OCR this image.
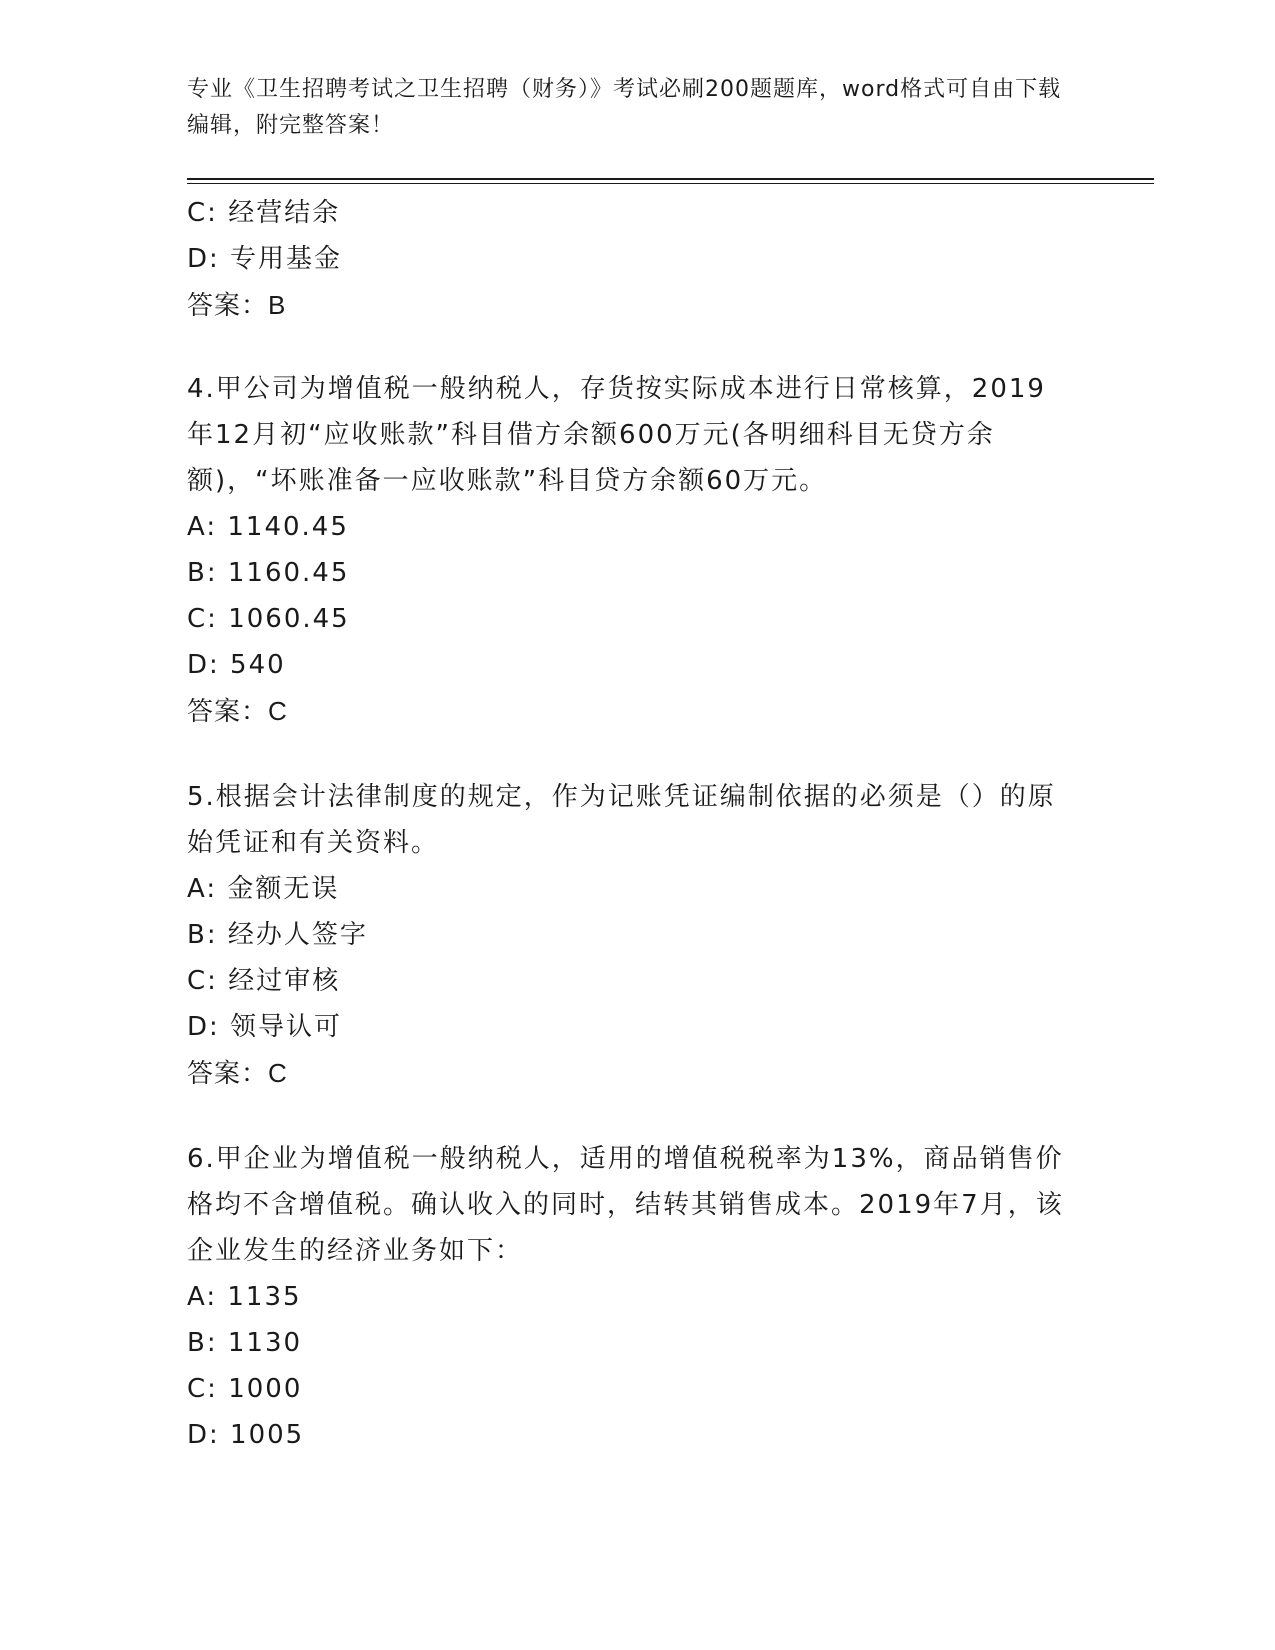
专业《卫生招聘考试之卫生招聘（财务）》考试必刷200题题库，word格式可自由下载编辑，附完整答案！
C: 经营结余
D: 专用基金
答案：B
4.甲公司为增值税一般纳税人，存货按实际成本进行日常核算，2019年12月初“应收账款”科目借方余额600万元(各明细科目无贷方余额)，“坏账准备一应收账款”科目贷方余额60万元。
A: 1140.45
B: 1160.45
C: 1060.45
D: 540
答案：C
5.根据会计法律制度的规定，作为记账凭证编制依据的必须是（）的原始凭证和有关资料。
A: 金额无误
B: 经办人签字
C: 经过审核
D: 领导认可
答案：C
6.甲企业为增值税一般纳税人，适用的增值税税率为13%，商品销售价格均不含增值税。确认收入的同时，结转其销售成本。2019年7月，该企业发生的经济业务如下：
A: 1135
B: 1130
C: 1000
D: 1005
